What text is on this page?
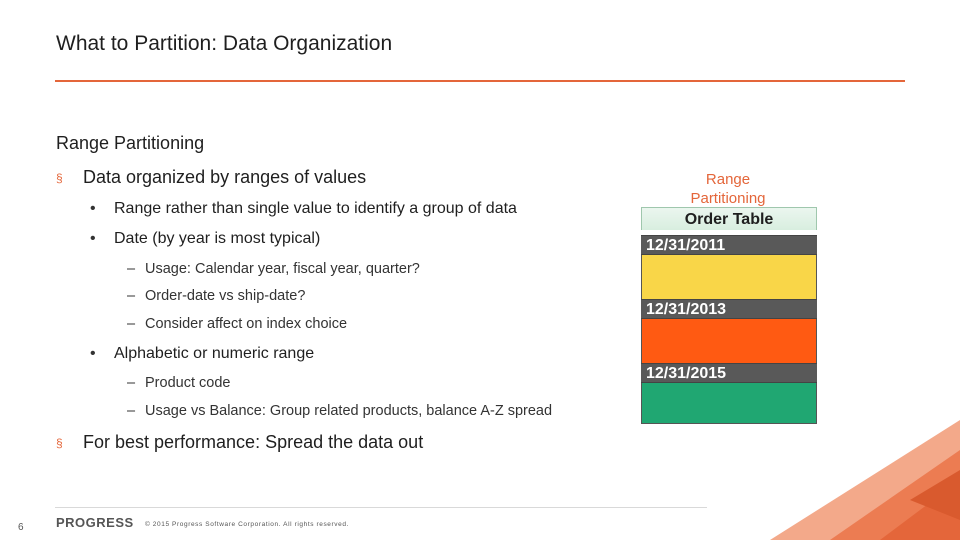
What to Partition: Data Organization
Range Partitioning
§ Data organized by ranges of values
• Range rather than single value to identify a group of data
• Date (by year is most typical)
– Usage: Calendar year, fiscal year, quarter?
– Order-date vs ship-date?
– Consider affect on index choice
• Alphabetic or numeric range
– Product code
– Usage vs Balance: Group related products, balance A-Z spread
§ For best performance: Spread the data out
Range
Partitioning
Order Table
12/31/2011
12/31/2013
12/31/2015
6 PROGRESS © 2015 Progress Software Corporation. All rights reserved.
